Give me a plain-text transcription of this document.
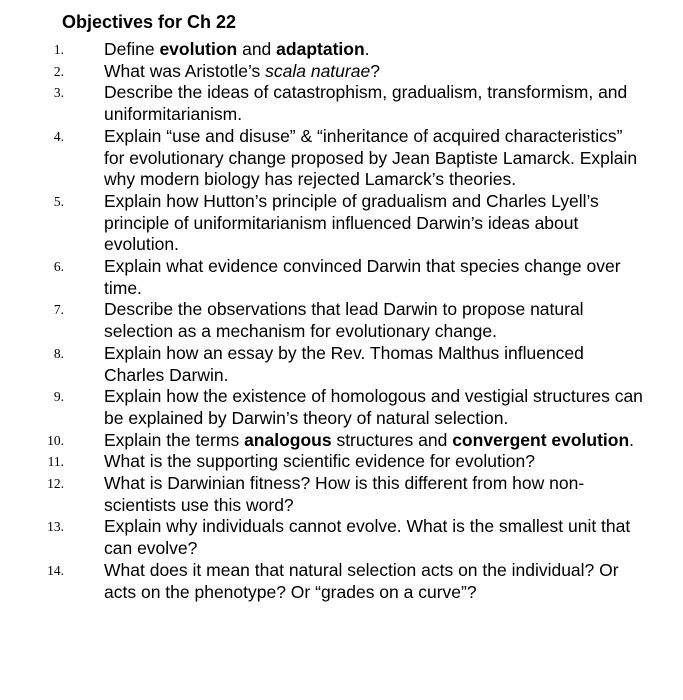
Objectives for Ch 22
1. Define evolution and adaptation.
2. What was Aristotle’s scala naturae?
3. Describe the ideas of catastrophism, gradualism, transformism, and uniformitarianism.
4. Explain “use and disuse” & “inheritance of acquired characteristics” for evolutionary change proposed by Jean Baptiste Lamarck. Explain why modern biology has rejected Lamarck’s theories.
5. Explain how Hutton’s principle of gradualism and Charles Lyell’s principle of uniformitarianism influenced Darwin’s ideas about evolution.
6. Explain what evidence convinced Darwin that species change over time.
7. Describe the observations that lead Darwin to propose natural selection as a mechanism for evolutionary change.
8. Explain how an essay by the Rev. Thomas Malthus influenced Charles Darwin.
9. Explain how the existence of homologous and vestigial structures can be explained by Darwin’s theory of natural selection.
10. Explain the terms analogous structures and convergent evolution.
11. What is the supporting scientific evidence for evolution?
12. What is Darwinian fitness? How is this different from how non-scientists use this word?
13. Explain why individuals cannot evolve. What is the smallest unit that can evolve?
14. What does it mean that natural selection acts on the individual? Or acts on the phenotype? Or “grades on a curve”?
